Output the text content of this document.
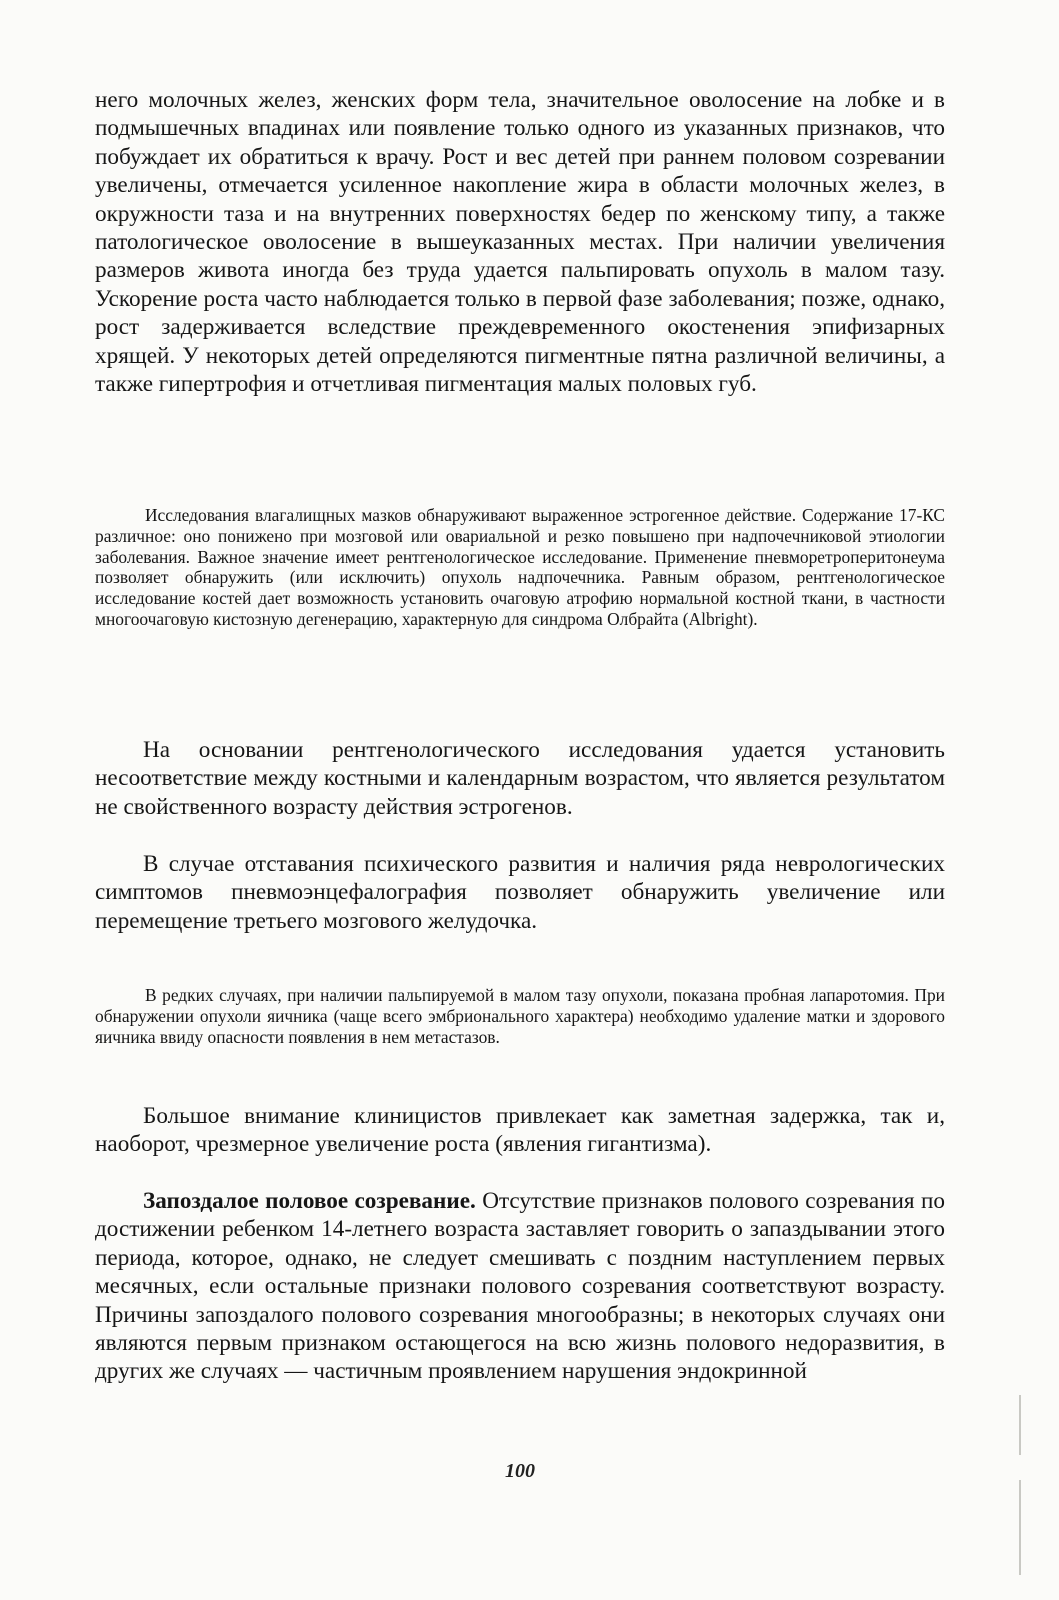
него молочных желез, женских форм тела, значительное оволосение на лобке и в подмышечных впадинах или появление только одного из указанных признаков, что побуждает их обратиться к врачу. Рост и вес детей при раннем половом созревании увеличены, отмечается усиленное накопление жира в области молочных желез, в окружности таза и на внутренних поверхностях бедер по женскому типу, а также патологическое оволосение в вышеуказанных местах. При наличии увеличения размеров живота иногда без труда удается пальпировать опухоль в малом тазу. Ускорение роста часто наблюдается только в первой фазе заболевания; позже, однако, рост задерживается вследствие преждевременного окостенения эпифизарных хрящей. У некоторых детей определяются пигментные пятна различной величины, а также гипертрофия и отчетливая пигментация малых половых губ.

Исследования влагалищных мазков обнаруживают выраженное эстрогенное действие. Содержание 17-КС различное: оно понижено при мозговой или овариальной и резко повышено при надпочечниковой этиологии заболевания. Важное значение имеет рентгенологическое исследование. Применение пневморетроперитонеума позволяет обнаружить (или исключить) опухоль надпочечника. Равным образом, рентгенологическое исследование костей дает возможность установить очаговую атрофию нормальной костной ткани, в частности многоочаговую кистозную дегенерацию, характерную для синдрома Олбрайта (Albright).

На основании рентгенологического исследования удается установить несоответствие между костными и календарным возрастом, что является результатом не свойственного возрасту действия эстрогенов.

В случае отставания психического развития и наличия ряда неврологических симптомов пневмоэнцефалография позволяет обнаружить увеличение или перемещение третьего мозгового желудочка.

В редких случаях, при наличии пальпируемой в малом тазу опухоли, показана пробная лапаротомия. При обнаружении опухоли яичника (чаще всего эмбрионального характера) необходимо удаление матки и здорового яичника ввиду опасности появления в нем метастазов.

Большое внимание клиницистов привлекает как заметная задержка, так и, наоборот, чрезмерное увеличение роста (явления гигантизма).

Запоздалое половое созревание. Отсутствие признаков полового созревания по достижении ребенком 14-летнего возраста заставляет говорить о запаздывании этого периода, которое, однако, не следует смешивать с поздним наступлением первых месячных, если остальные признаки полового созревания соответствуют возрасту. Причины запоздалого полового созревания многообразны; в некоторых случаях они являются первым признаком остающегося на всю жизнь полового недоразвития, в других же случаях — частичным проявлением нарушения эндокринной

100
